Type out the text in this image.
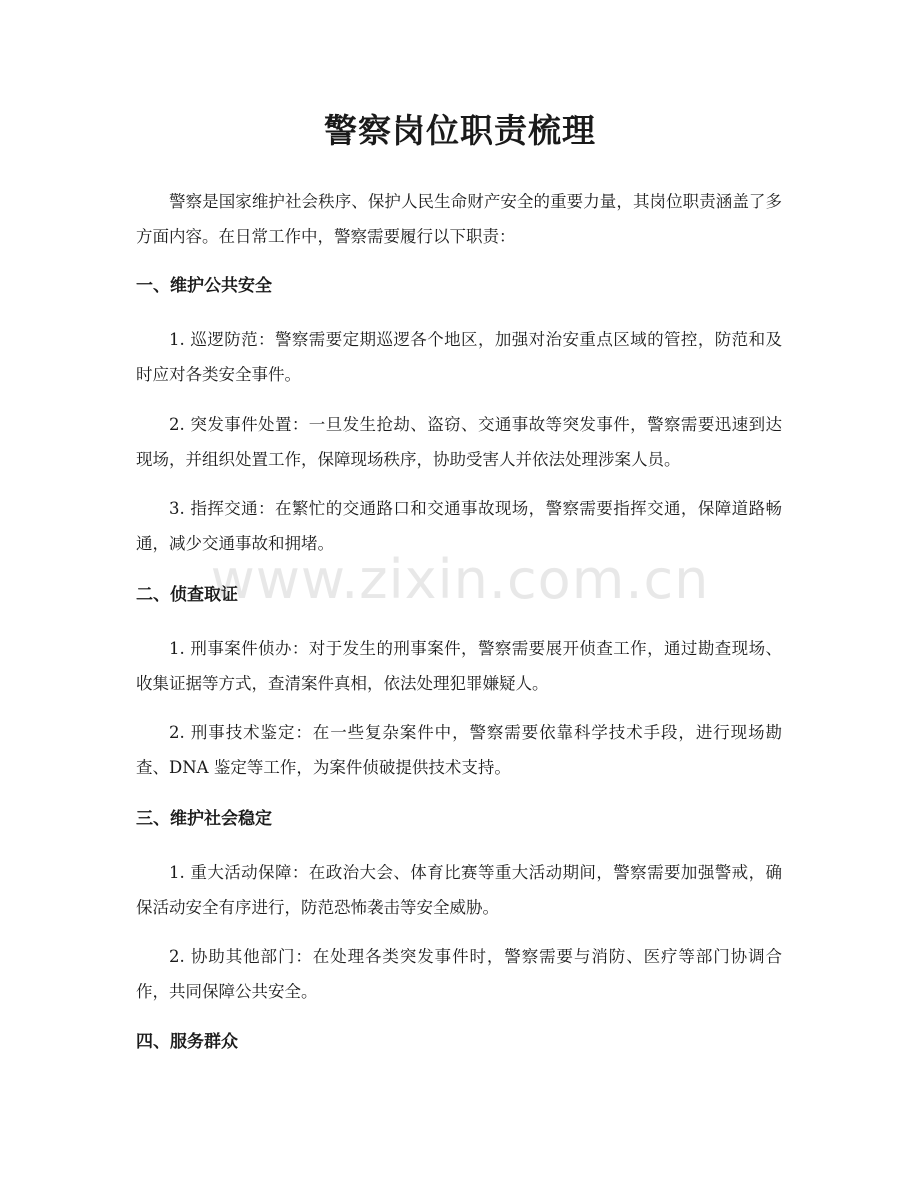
警察岗位职责梳理
警察是国家维护社会秩序、保护人民生命财产安全的重要力量，其岗位职责涵盖了多方面内容。在日常工作中，警察需要履行以下职责：
一、维护公共安全
1. 巡逻防范：警察需要定期巡逻各个地区，加强对治安重点区域的管控，防范和及时应对各类安全事件。
2. 突发事件处置：一旦发生抢劫、盗窃、交通事故等突发事件，警察需要迅速到达现场，并组织处置工作，保障现场秩序，协助受害人并依法处理涉案人员。
3. 指挥交通：在繁忙的交通路口和交通事故现场，警察需要指挥交通，保障道路畅通，减少交通事故和拥堵。
二、侦查取证
1. 刑事案件侦办：对于发生的刑事案件，警察需要展开侦查工作，通过勘查现场、收集证据等方式，查清案件真相，依法处理犯罪嫌疑人。
2. 刑事技术鉴定：在一些复杂案件中，警察需要依靠科学技术手段，进行现场勘查、DNA 鉴定等工作，为案件侦破提供技术支持。
三、维护社会稳定
1. 重大活动保障：在政治大会、体育比赛等重大活动期间，警察需要加强警戒，确保活动安全有序进行，防范恐怖袭击等安全威胁。
2. 协助其他部门：在处理各类突发事件时，警察需要与消防、医疗等部门协调合作，共同保障公共安全。
四、服务群众
www.zixin.com.cn
